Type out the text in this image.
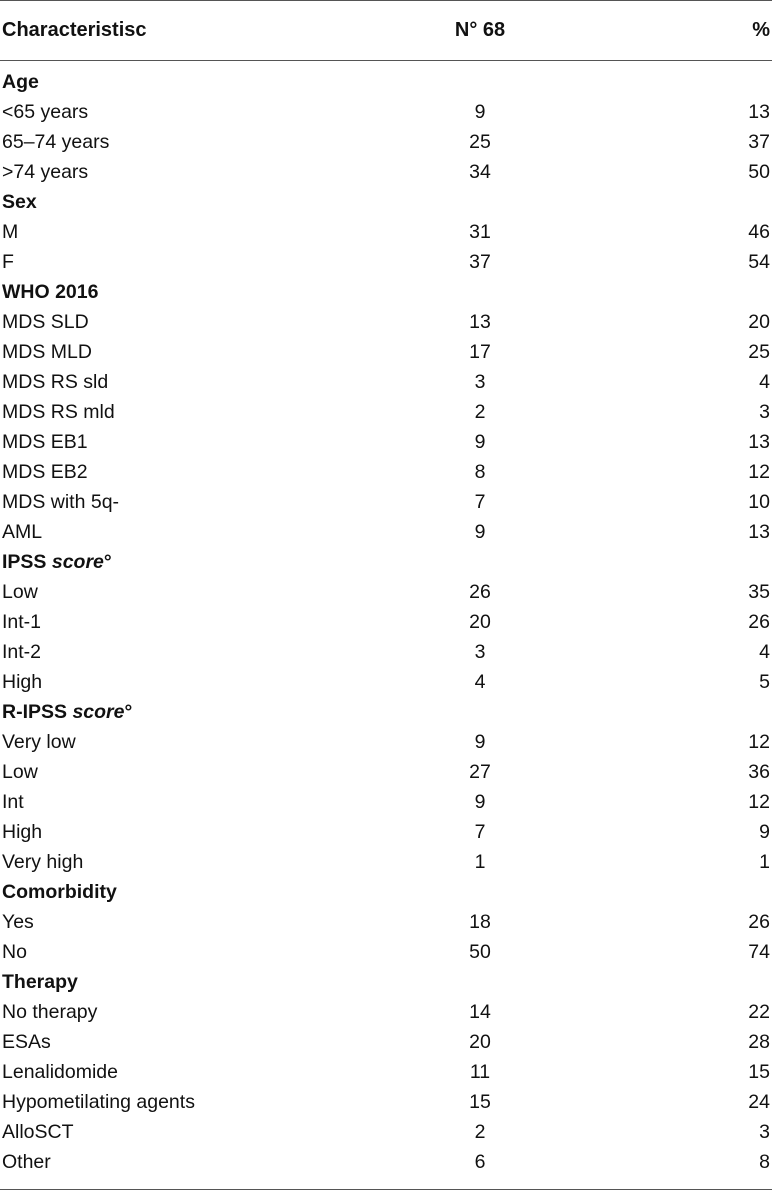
Characteristisc	N° 68	%
Age
<65 years	9	13
65–74 years	25	37
>74 years	34	50
Sex
M	31	46
F	37	54
WHO 2016
MDS SLD	13	20
MDS MLD	17	25
MDS RS sld	3	4
MDS RS mld	2	3
MDS EB1	9	13
MDS EB2	8	12
MDS with 5q-	7	10
AML	9	13
IPSS score°
Low	26	35
Int-1	20	26
Int-2	3	4
High	4	5
R-IPSS score°
Very low	9	12
Low	27	36
Int	9	12
High	7	9
Very high	1	1
Comorbidity
Yes	18	26
No	50	74
Therapy
No therapy	14	22
ESAs	20	28
Lenalidomide	11	15
Hypometilating agents	15	24
AlloSCT	2	3
Other	6	8
